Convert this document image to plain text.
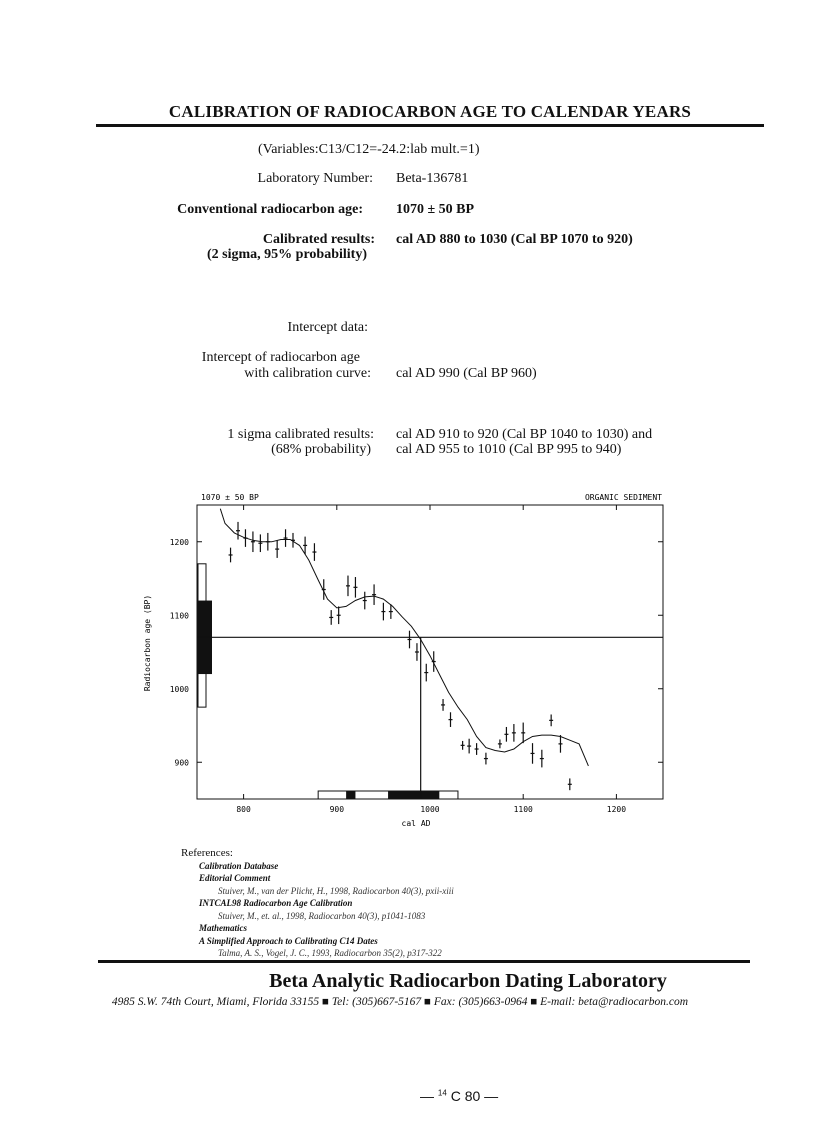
CALIBRATION OF RADIOCARBON AGE TO CALENDAR YEARS
(Variables:C13/C12=-24.2:lab mult.=1)
Laboratory Number: Beta-136781
Conventional radiocarbon age: 1070 ± 50 BP
Calibrated results:
(2 sigma, 95% probability)
cal AD 880 to 1030 (Cal BP 1070 to 920)
Intercept data:
Intercept of radiocarbon age
with calibration curve: cal AD 990 (Cal BP 960)
1 sigma calibrated results:
(68% probability)
cal AD 910 to 920 (Cal BP 1040 to 1030) and
cal AD 955 to 1010 (Cal BP 995 to 940)
1070 ± 50 BP	ORGANIC SEDIMENT
800	900	1000	1100	1200
900
1000
1100
1200
Radiocarbon age (BP)
cal AD
References:
Calibration Database
Editorial Comment
Stuiver, M., van der Plicht, H., 1998, Radiocarbon 40(3), pxii-xiii
INTCAL98 Radiocarbon Age Calibration
Stuiver, M., et. al., 1998, Radiocarbon 40(3), p1041-1083
Mathematics
A Simplified Approach to Calibrating C14 Dates
Talma, A. S., Vogel, J. C., 1993, Radiocarbon 35(2), p317-322
Beta Analytic Radiocarbon Dating Laboratory
4985 S.W. 74th Court, Miami, Florida 33155 ■ Tel: (305)667-5167 ■ Fax: (305)663-0964 ■ E-mail: beta@radiocarbon.com
— $^{14}$ C 80 —
